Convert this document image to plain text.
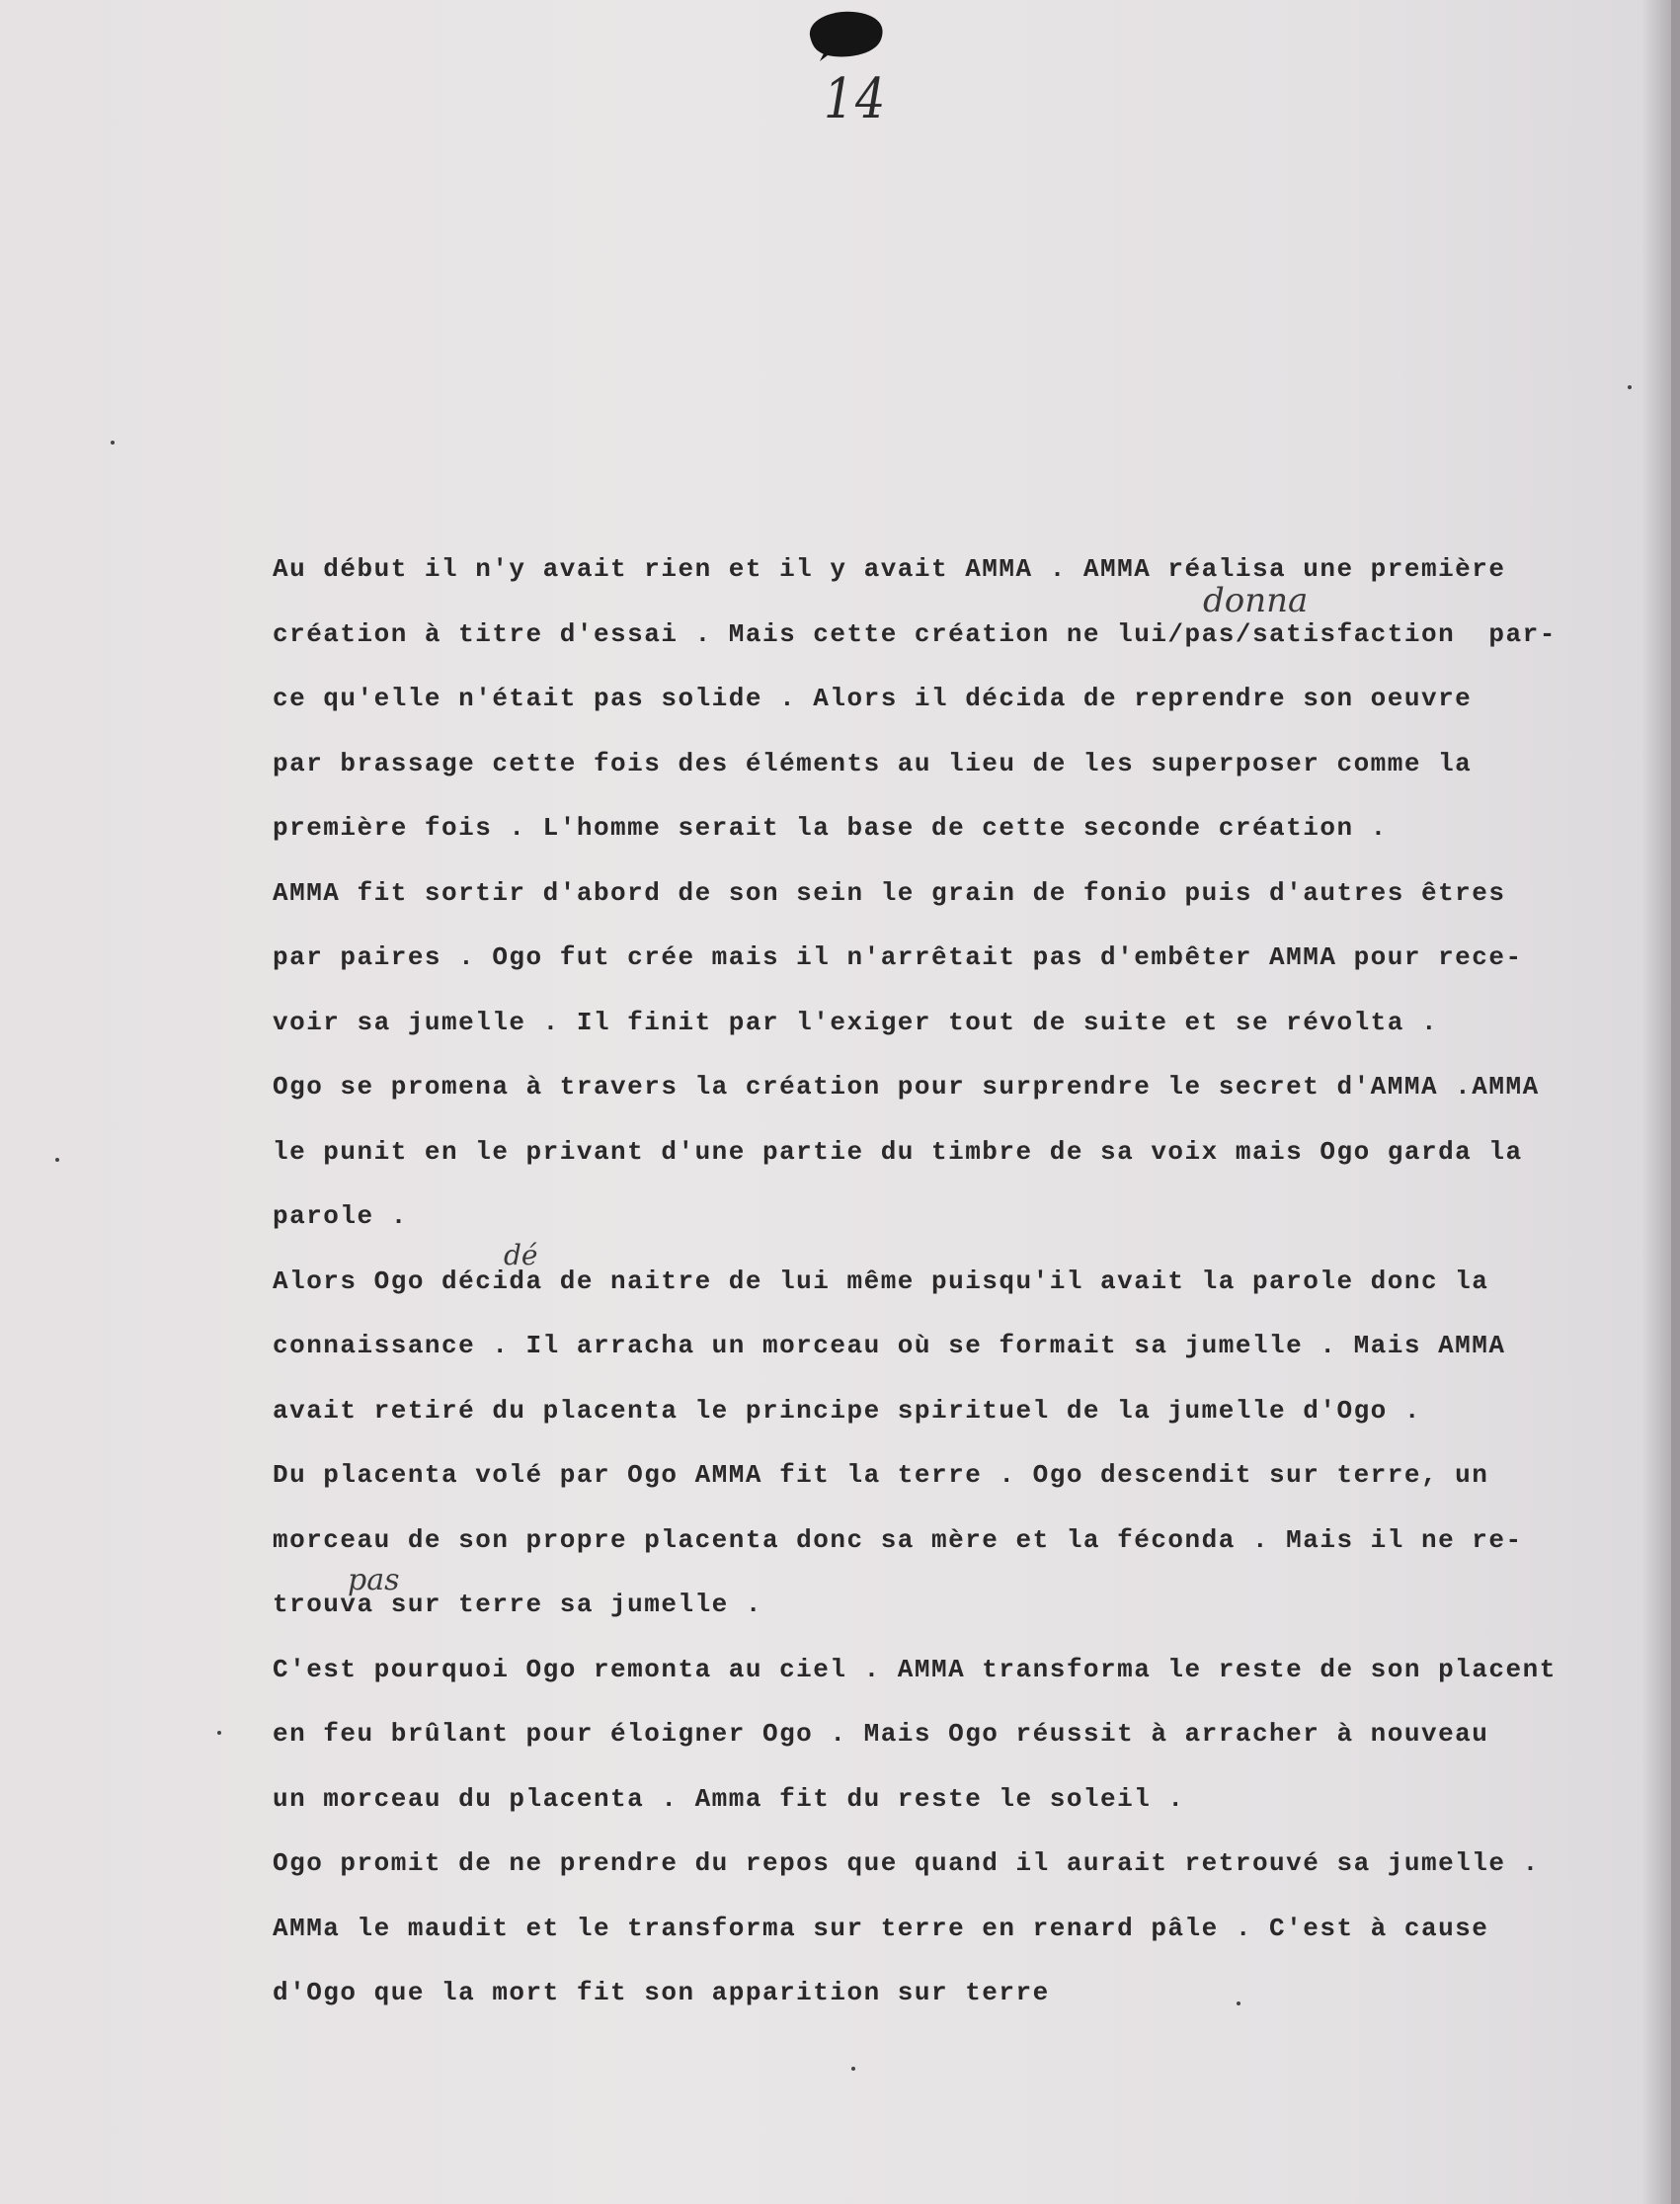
14
Au début il n'y avait rien et il y avait AMMA . AMMA réalisa une première
création à titre d'essai . Mais cette création ne lui/pas/satisfaction  par-
ce qu'elle n'était pas solide . Alors il décida de reprendre son oeuvre
par brassage cette fois des éléments au lieu de les superposer comme la
première fois . L'homme serait la base de cette seconde création .
AMMA fit sortir d'abord de son sein le grain de fonio puis d'autres êtres
par paires . Ogo fut crée mais il n'arrêtait pas d'embêter AMMA pour rece-
voir sa jumelle . Il finit par l'exiger tout de suite et se révolta .
Ogo se promena à travers la création pour surprendre le secret d'AMMA .AMMA
le punit en le privant d'une partie du timbre de sa voix mais Ogo garda la
parole .
Alors Ogo décida de naitre de lui même puisqu'il avait la parole donc la
connaissance . Il arracha un morceau où se formait sa jumelle . Mais AMMA
avait retiré du placenta le principe spirituel de la jumelle d'Ogo .
Du placenta volé par Ogo AMMA fit la terre . Ogo descendit sur terre, un
morceau de son propre placenta donc sa mère et la féconda . Mais il ne re-
trouva sur terre sa jumelle .
C'est pourquoi Ogo remonta au ciel . AMMA transforma le reste de son placent
en feu brûlant pour éloigner Ogo . Mais Ogo réussit à arracher à nouveau
un morceau du placenta . Amma fit du reste le soleil .
Ogo promit de ne prendre du repos que quand il aurait retrouvé sa jumelle .
AMMa le maudit et le transforma sur terre en renard pâle . C'est à cause
d'Ogo que la mort fit son apparition sur terre
donna
pas
dé
